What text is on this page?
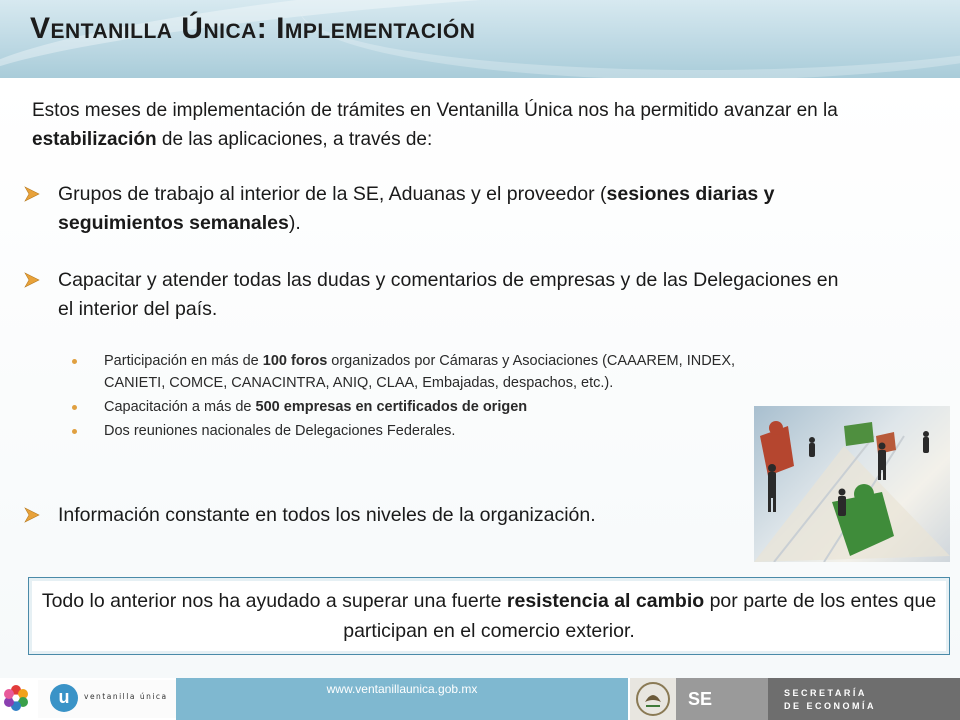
Ventanilla Única: Implementación

Estos meses de implementación de trámites en Ventanilla Única nos ha permitido avanzar en la estabilización de las aplicaciones, a través de:

Grupos de trabajo al interior de la SE, Aduanas y el proveedor (sesiones diarias y seguimientos semanales).
Capacitar y atender todas las dudas y comentarios de empresas y de las Delegaciones en el interior del país.
Participación en más de 100 foros organizados por Cámaras y Asociaciones (CAAAREM, INDEX, CANIETI, COMCE, CANACINTRA, ANIQ, CLAA, Embajadas, despachos, etc.).
Capacitación a más de 500 empresas en certificados de origen
Dos reuniones nacionales de Delegaciones Federales.
Información constante en todos los niveles de la organización.

Todo lo anterior nos ha ayudado a superar una fuerte resistencia al cambio por parte de los entes que participan en el comercio exterior.

u	ventanilla única
www.ventanillaunica.gob.mx	SE	SECRETARÍA
DE ECONOMÍA
